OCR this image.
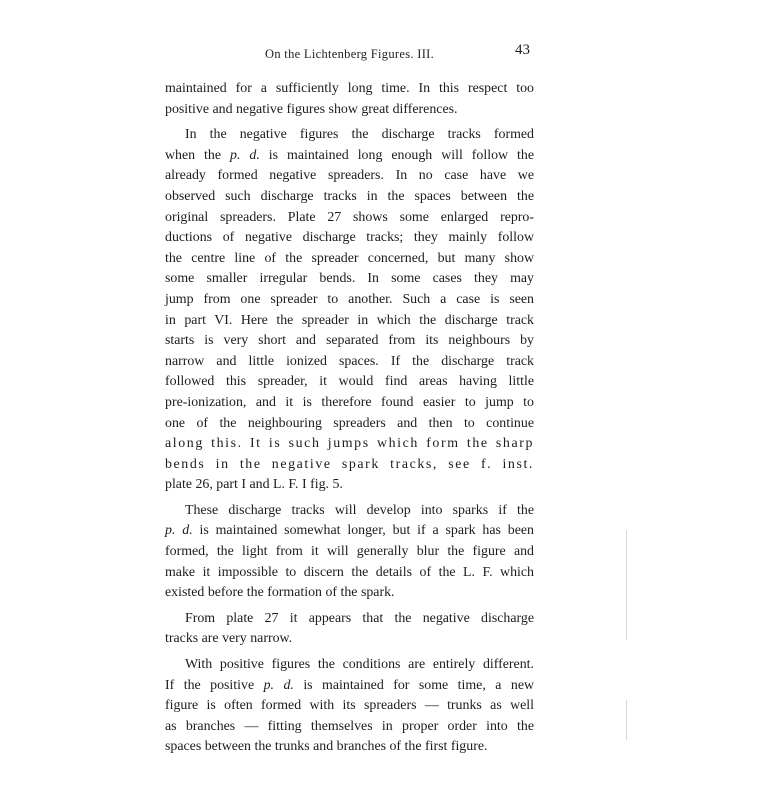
On the Lichtenberg Figures. III.	43

maintained for a sufficiently long time. In this respect too
positive and negative figures show great differences.

In the negative figures the discharge tracks formed
when the p. d. is maintained long enough will follow the
already formed negative spreaders. In no case have we
observed such discharge tracks in the spaces between the
original spreaders. Plate 27 shows some enlarged repro-
ductions of negative discharge tracks; they mainly follow
the centre line of the spreader concerned, but many show
some smaller irregular bends. In some cases they may
jump from one spreader to another. Such a case is seen
in part VI. Here the spreader in which the discharge track
starts is very short and separated from its neighbours by
narrow and little ionized spaces. If the discharge track
followed this spreader, it would find areas having little
pre-ionization, and it is therefore found easier to jump to
one of the neighbouring spreaders and then to continue
along this. It is such jumps which form the sharp
bends in the negative spark tracks, see f. inst.
plate 26, part I and L. F. I fig. 5.

These discharge tracks will develop into sparks if the
p. d. is maintained somewhat longer, but if a spark has been
formed, the light from it will generally blur the figure and
make it impossible to discern the details of the L. F. which
existed before the formation of the spark.

From plate 27 it appears that the negative discharge
tracks are very narrow.

With positive figures the conditions are entirely different.
If the positive p. d. is maintained for some time, a new
figure is often formed with its spreaders — trunks as well
as branches — fitting themselves in proper order into the
spaces between the trunks and branches of the first figure.
